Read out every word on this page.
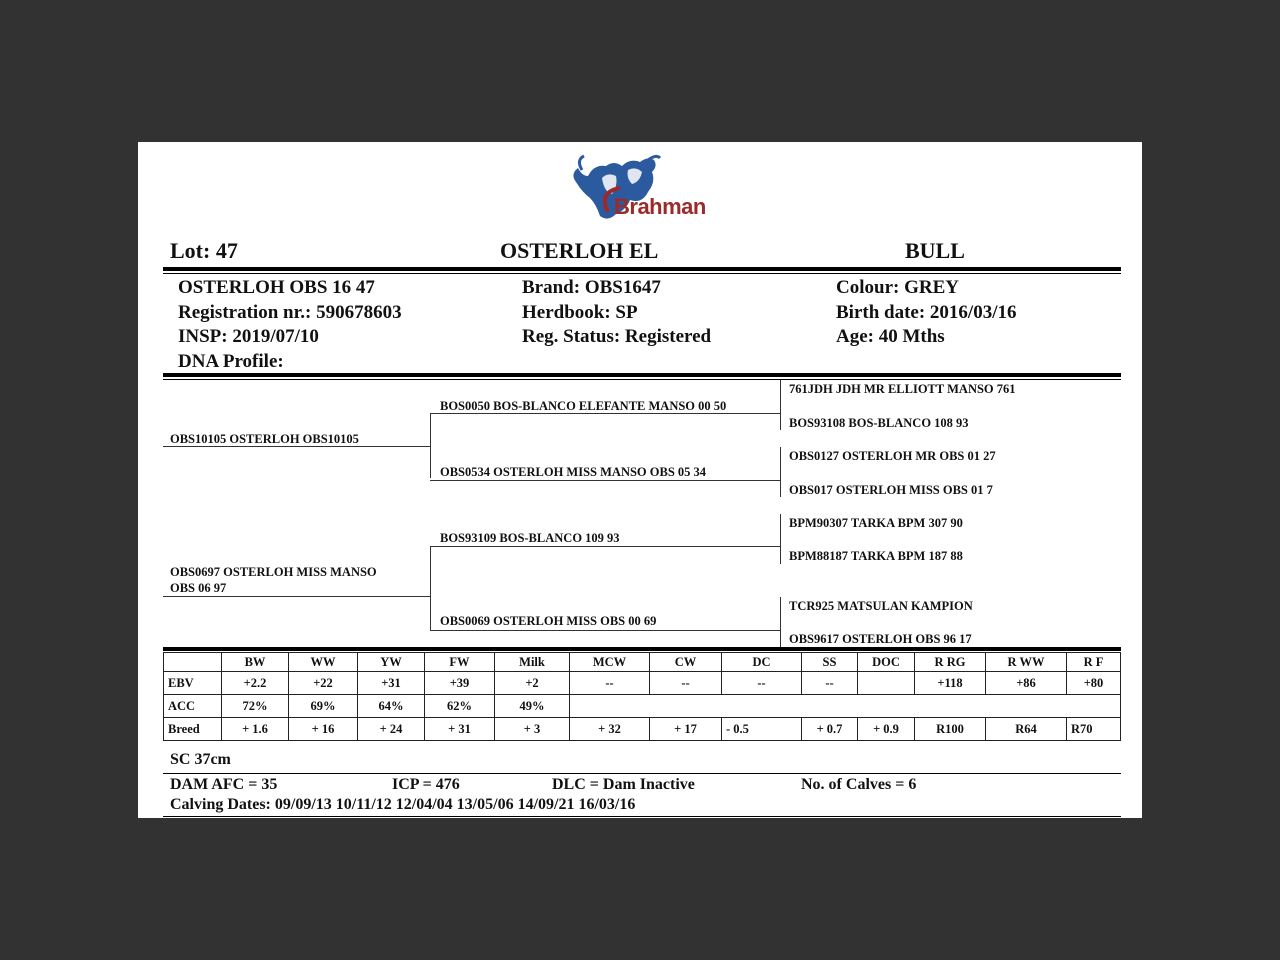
Brahman
Lot: 47	OSTERLOH EL	BULL
OSTERLOH OBS 16 47
Registration nr.: 590678603
INSP: 2019/07/10
DNA Profile:
Brand: OBS1647
Herdbook: SP
Reg. Status: Registered
Colour: GREY
Birth date: 2016/03/16
Age: 40 Mths
OBS10105 OSTERLOH OBS10105
OBS0697 OSTERLOH MISS MANSO
OBS 06 97
BOS0050 BOS-BLANCO ELEFANTE MANSO 00 50
OBS0534 OSTERLOH MISS MANSO OBS 05 34
BOS93109 BOS-BLANCO 109 93
OBS0069 OSTERLOH MISS OBS 00 69
761JDH JDH MR ELLIOTT MANSO 761
BOS93108 BOS-BLANCO 108 93
OBS0127 OSTERLOH MR OBS 01 27
OBS017 OSTERLOH MISS OBS 01 7
BPM90307 TARKA BPM 307 90
BPM88187 TARKA BPM 187 88
TCR925 MATSULAN KAMPION
OBS9617 OSTERLOH OBS 96 17
	BW	WW	YW	FW	Milk	MCW	CW	DC	SS	DOC	R RG	R WW	R F
EBV	+2.2	+22	+31	+39	+2	--	--	--	--		+118	+86	+80
ACC	72%	69%	64%	62%	49%								
Breed	+ 1.6	+ 16	+ 24	+ 31	+ 3	+ 32	+ 17	- 0.5	+ 0.7	+ 0.9	R100	R64	R70
SC 37cm
DAM AFC = 35	ICP = 476	DLC = Dam Inactive	No. of Calves = 6
Calving Dates: 09/09/13 10/11/12 12/04/04 13/05/06 14/09/21 16/03/16
